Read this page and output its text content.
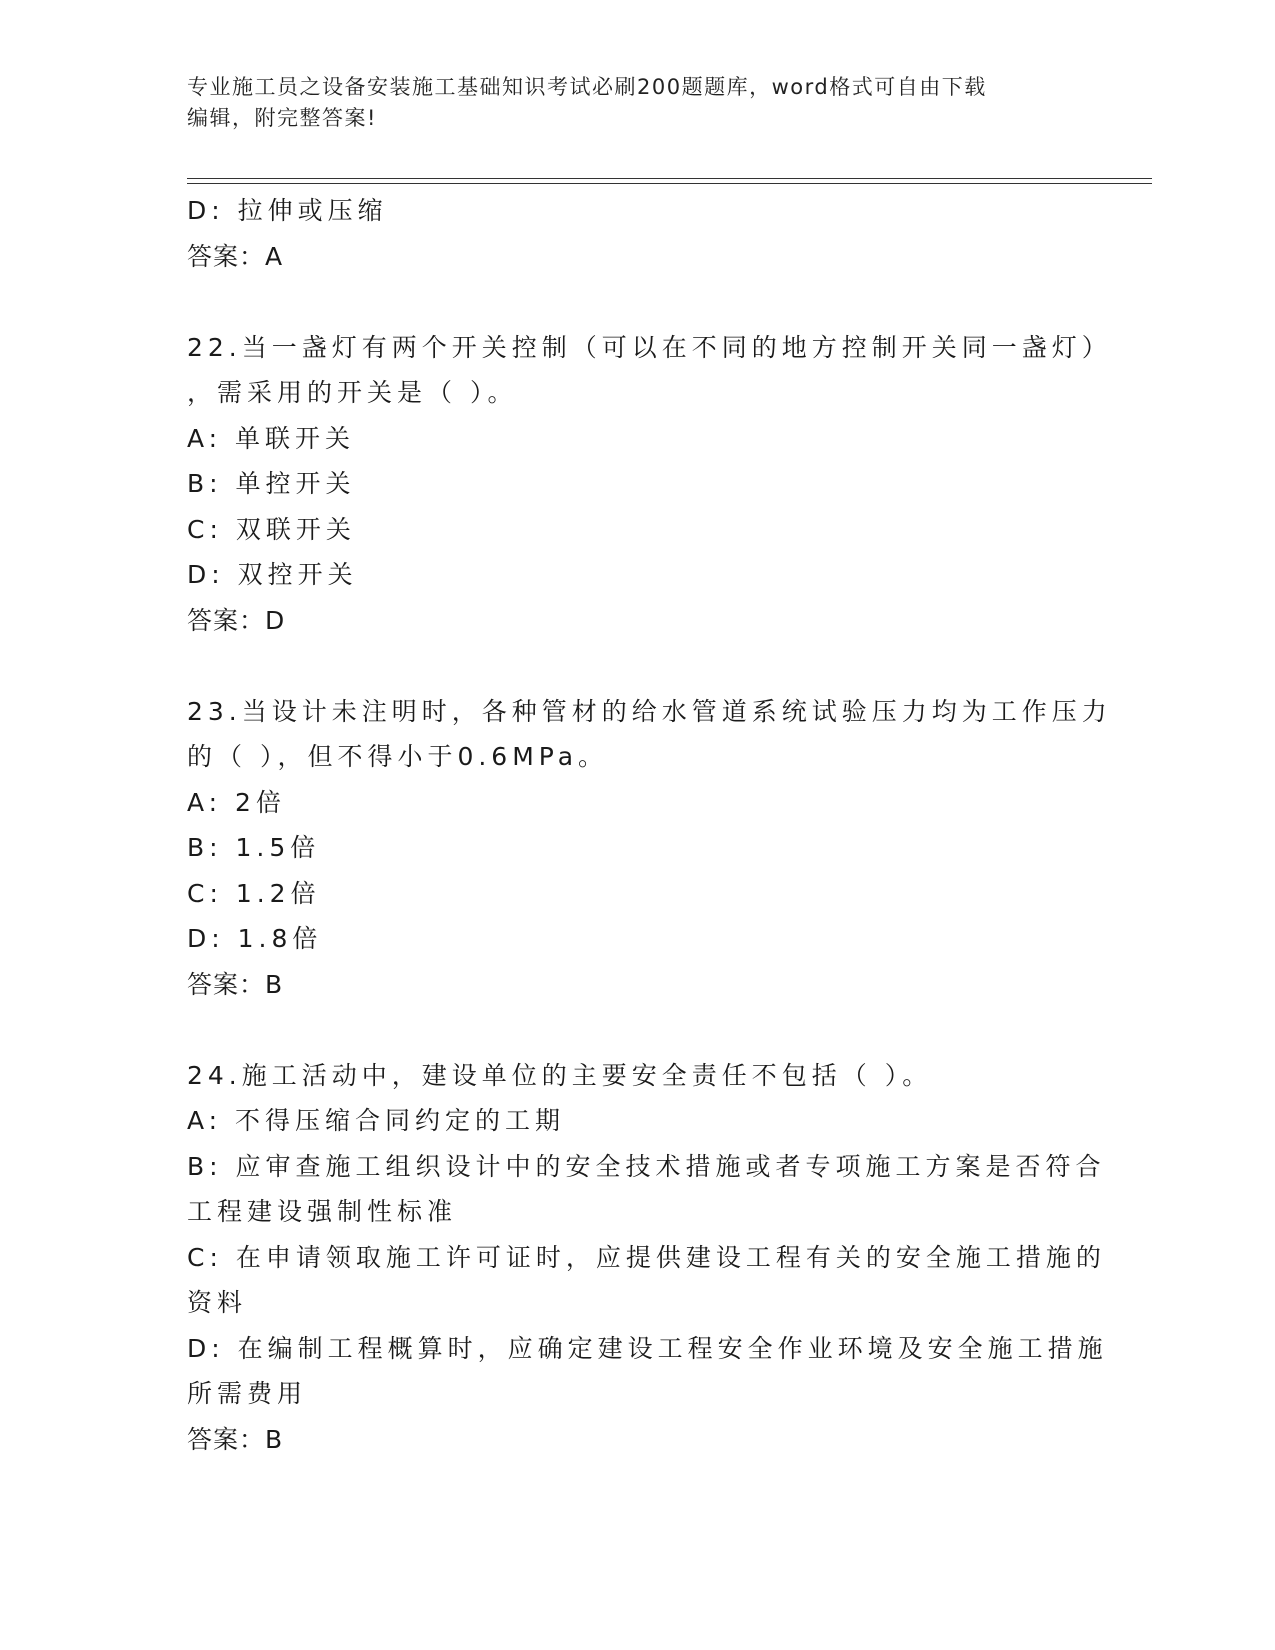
专业施工员之设备安装施工基础知识考试必刷200题题库，word格式可自由下载
编辑，附完整答案!
D: 拉伸或压缩
答案：A
22.当一盏灯有两个开关控制（可以在不同的地方控制开关同一盏灯）
，需采用的开关是（ ）。
A: 单联开关
B: 单控开关
C: 双联开关
D: 双控开关
答案：D
23.当设计未注明时，各种管材的给水管道系统试验压力均为工作压力
的（ ），但不得小于0.6MPa。
A: 2倍
B: 1.5倍
C: 1.2倍
D: 1.8倍
答案：B
24.施工活动中，建设单位的主要安全责任不包括（ ）。
A: 不得压缩合同约定的工期
B: 应审查施工组织设计中的安全技术措施或者专项施工方案是否符合
工程建设强制性标准
C: 在申请领取施工许可证时，应提供建设工程有关的安全施工措施的
资料
D: 在编制工程概算时，应确定建设工程安全作业环境及安全施工措施
所需费用
答案：B
